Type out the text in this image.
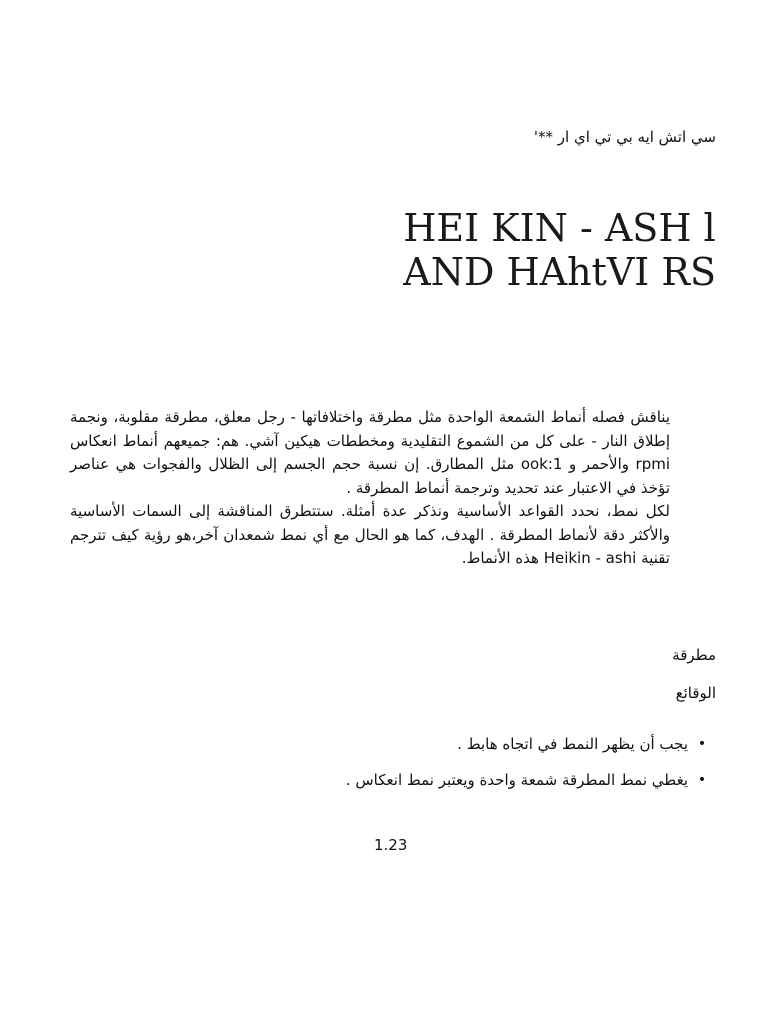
سي اتش ايه بي تي اي ار **'
HEI KIN - ASH l
AND HAhtVI RS

يناقش فصله أنماط الشمعة الواحدة مثل مطرقة واختلافاتها - رجل معلق، مطرقة مقلوبة، ونجمة إطلاق النار - على كل من الشموع التقليدية ومخططات هيكين آشي. هم: جميعهم أنماط انعكاس rpmi والأحمر و ook:1 مثل المطارق. إن نسبة حجم الجسم إلى الظلال والفجوات هي عناصر تؤخذ في الاعتبار عند تحديد وترجمة أنماط المطرقة .

لكل نمط، نحدد القواعد الأساسية ونذكر عدة أمثلة. ستتطرق المناقشة إلى السمات الأساسية والأكثر دقة لأنماط المطرقة . الهدف، كما هو الحال مع أي نمط شمعدان آخر،هو رؤية كيف تترجم تقنية Heikin - ashi هذه الأنماط.

مطرقة
الوقائع
•
يجب أن يظهر النمط في اتجاه هابط .
•
يغطي نمط المطرقة شمعة واحدة ويعتبر نمط انعكاس .
1.23
